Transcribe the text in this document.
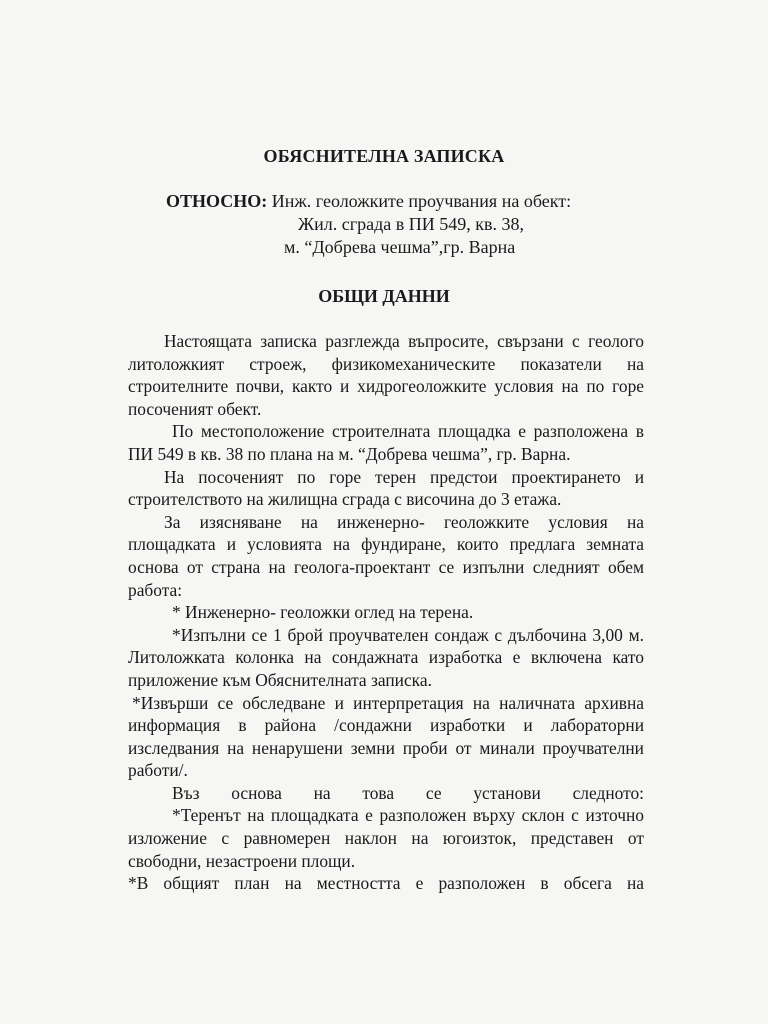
ОБЯСНИТЕЛНА ЗАПИСКА
ОТНОСНО: Инж. геоложките проучвания на обект:
Жил. сграда в ПИ 549, кв. 38,
м. “Добрева чешма”,гр. Варна
ОБЩИ ДАННИ

Настоящата записка разглежда въпросите, свързани с геолого литоложкият строеж, физикомеханическите показатели на строителните почви, както и хидрогеоложките условия на по горе посоченият обект.

По местоположение строителната площадка е разположена в ПИ 549 в кв. 38 по плана на м. “Добрева чешма”, гр. Варна.

На посоченият по горе терен предстои проектирането и строителството на жилищна сграда с височина до 3 етажа.

За изясняване на инженерно- геоложките условия на площадката и условията на фундиране, които предлага земната основа от страна на геолога-проектант се изпълни следният обем работа:

* Инженерно- геоложки оглед на терена.

*Изпълни се 1 брой проучвателен сондаж с дълбочина 3,00 м. Литоложката колонка на сондажната изработка е включена като приложение към Обяснителната записка.

*Извърши се обследване и интерпретация на наличната архивна информация в района /сондажни изработки и лабораторни изследвания на ненарушени земни проби от минали проучвателни работи/.

Въз основа на това се установи следното:

*Теренът на площадката е разположен върху склон с източно изложение с равномерен наклон на югоизток, представен от свободни, незастроени площи.

*В общият план на местността е разположен в обсега на
